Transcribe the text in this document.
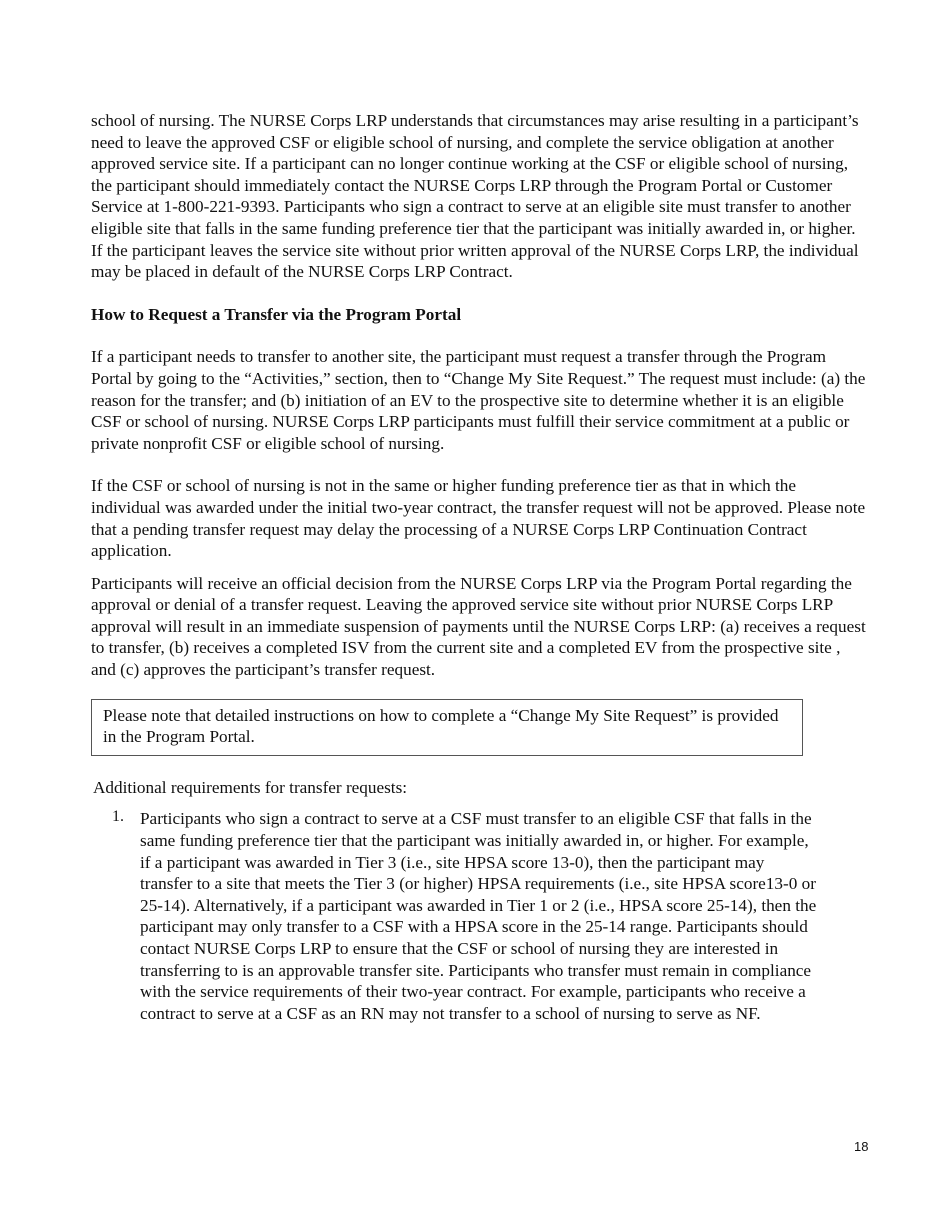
school of nursing. The NURSE Corps LRP understands that circumstances may arise resulting in a participant’s need to leave the approved CSF or eligible school of nursing, and complete the service obligation at another approved service site. If a participant can no longer continue working at the CSF or eligible school of nursing, the participant should immediately contact the NURSE Corps LRP through the Program Portal or Customer Service at 1-800-221-9393. Participants who sign a contract to serve at an eligible site must transfer to another eligible site that falls in the same funding preference tier that the participant was initially awarded in, or higher. If the participant leaves the service site without prior written approval of the NURSE Corps LRP, the individual may be placed in default of the NURSE Corps LRP Contract.

How to Request a Transfer via the Program Portal

If a participant needs to transfer to another site, the participant must request a transfer through the Program Portal by going to the “Activities,” section, then to “Change My Site Request.” The request must include: (a) the reason for the transfer; and (b) initiation of an EV to the prospective site to determine whether it is an eligible CSF or school of nursing. NURSE Corps LRP participants must fulfill their service commitment at a public or private nonprofit CSF or eligible school of nursing.

If the CSF or school of nursing is not in the same or higher funding preference tier as that in which the individual was awarded under the initial two-year contract, the transfer request will not be approved. Please note that a pending transfer request may delay the processing of a NURSE Corps LRP Continuation Contract application.

Participants will receive an official decision from the NURSE Corps LRP via the Program Portal regarding the approval or denial of a transfer request. Leaving the approved service site without prior NURSE Corps LRP approval will result in an immediate suspension of payments until the NURSE Corps LRP: (a) receives a request to transfer, (b) receives a completed ISV from the current site and a completed EV from the prospective site , and (c) approves the participant’s transfer request.

Please note that detailed instructions on how to complete a “Change My Site Request” is provided in the Program Portal.

Additional requirements for transfer requests:

1. Participants who sign a contract to serve at a CSF must transfer to an eligible CSF that falls in the same funding preference tier that the participant was initially awarded in, or higher. For example, if a participant was awarded in Tier 3 (i.e., site HPSA score 13-0), then the participant may transfer to a site that meets the Tier 3 (or higher) HPSA requirements (i.e., site HPSA score13-0 or 25-14). Alternatively, if a participant was awarded in Tier 1 or 2 (i.e., HPSA score 25-14), then the participant may only transfer to a CSF with a HPSA score in the 25-14 range. Participants should contact NURSE Corps LRP to ensure that the CSF or school of nursing they are interested in transferring to is an approvable transfer site. Participants who transfer must remain in compliance with the service requirements of their two-year contract. For example, participants who receive a contract to serve at a CSF as an RN may not transfer to a school of nursing to serve as NF.

18
